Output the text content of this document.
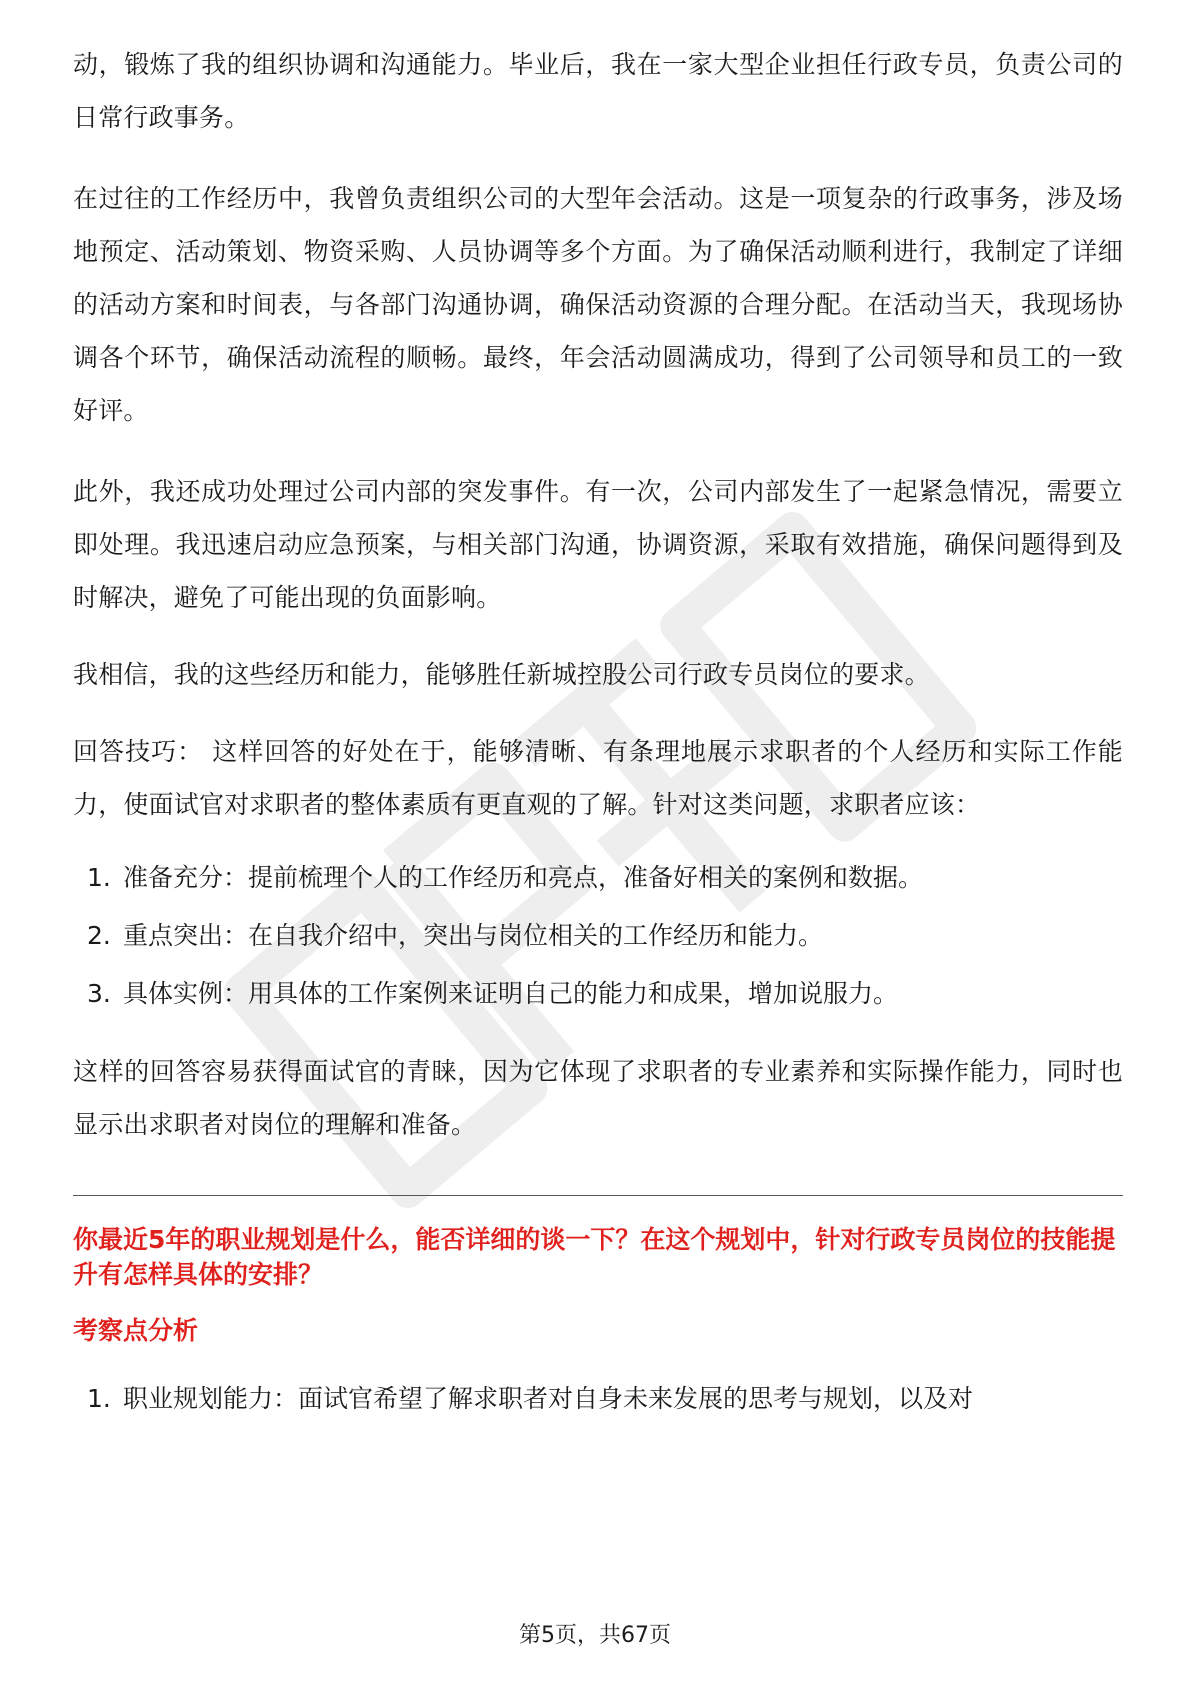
动，锻炼了我的组织协调和沟通能力。毕业后，我在一家大型企业担任行政专员，负责公司的日常行政事务。

在过往的工作经历中，我曾负责组织公司的大型年会活动。这是一项复杂的行政事务，涉及场地预定、活动策划、物资采购、人员协调等多个方面。为了确保活动顺利进行，我制定了详细的活动方案和时间表，与各部门沟通协调，确保活动资源的合理分配。在活动当天，我现场协调各个环节，确保活动流程的顺畅。最终，年会活动圆满成功，得到了公司领导和员工的一致好评。

此外，我还成功处理过公司内部的突发事件。有一次，公司内部发生了一起紧急情况，需要立即处理。我迅速启动应急预案，与相关部门沟通，协调资源，采取有效措施，确保问题得到及时解决，避免了可能出现的负面影响。

我相信，我的这些经历和能力，能够胜任新城控股公司行政专员岗位的要求。

回答技巧： 这样回答的好处在于，能够清晰、有条理地展示求职者的个人经历和实际工作能力，使面试官对求职者的整体素质有更直观的了解。针对这类问题，求职者应该：

1. 准备充分：提前梳理个人的工作经历和亮点，准备好相关的案例和数据。
2. 重点突出：在自我介绍中，突出与岗位相关的工作经历和能力。
3. 具体实例：用具体的工作案例来证明自己的能力和成果，增加说服力。

这样的回答容易获得面试官的青睐，因为它体现了求职者的专业素养和实际操作能力，同时也显示出求职者对岗位的理解和准备。

你最近5年的职业规划是什么，能否详细的谈一下？在这个规划中，针对行政专员岗位的技能提升有怎样具体的安排？

考察点分析

1. 职业规划能力：面试官希望了解求职者对自身未来发展的思考与规划，以及对
第5页，共67页
